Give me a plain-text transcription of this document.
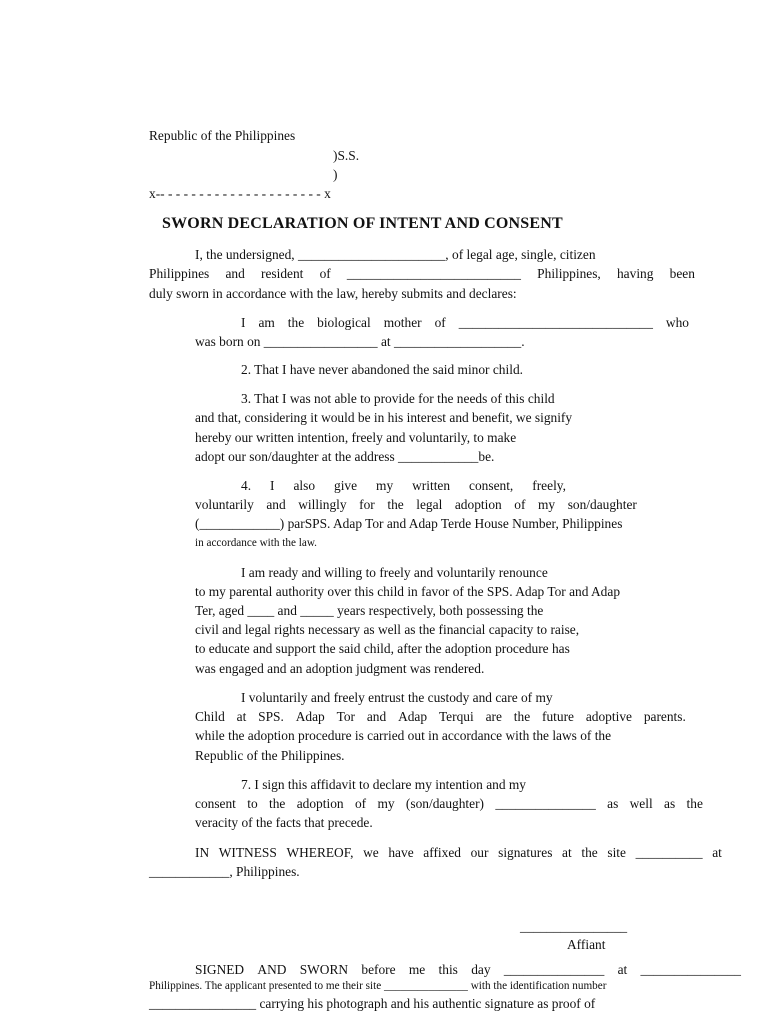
Republic of the Philippines
)S.S.
)
x-- - - - - - - - - - - - - - - - - - - - - x
SWORN DECLARATION OF INTENT AND CONSENT
I, the undersigned, ______________________, of legal age, single, citizen
Philippines and resident of __________________________ Philippines, having been
duly sworn in accordance with the law, hereby submits and declares:
I am the biological mother of _____________________________ who
was born on _________________ at ___________________.
2. That I have never abandoned the said minor child.
3. That I was not able to provide for the needs of this child
and that, considering it would be in his interest and benefit, we signify
hereby our written intention, freely and voluntarily, to make
adopt our son/daughter at the address ____________be.
4. I also give my written consent, freely,
voluntarily and willingly for the legal adoption of my son/daughter
(____________) parSPS. Adap Tor and Adap Terde House Number, Philippines
in accordance with the law.
I am ready and willing to freely and voluntarily renounce
to my parental authority over this child in favor of the SPS. Adap Tor and Adap
Ter, aged ____ and _____ years respectively, both possessing the
civil and legal rights necessary as well as the financial capacity to raise,
to educate and support the said child, after the adoption procedure has
was engaged and an adoption judgment was rendered.
I voluntarily and freely entrust the custody and care of my
Child at SPS. Adap Tor and Adap Terqui are the future adoptive parents.
while the adoption procedure is carried out in accordance with the laws of the
Republic of the Philippines.
7. I sign this affidavit to declare my intention and my
consent to the adoption of my (son/daughter) _______________ as well as the
veracity of the facts that precede.
IN WITNESS WHEREOF, we have affixed our signatures at the site __________ at
____________, Philippines.
________________
Affiant
SIGNED AND SWORN before me this day _______________ at _______________
Philippines. The applicant presented to me their site _______________ with the identification number
________________ carrying his photograph and his authentic signature as proof of
